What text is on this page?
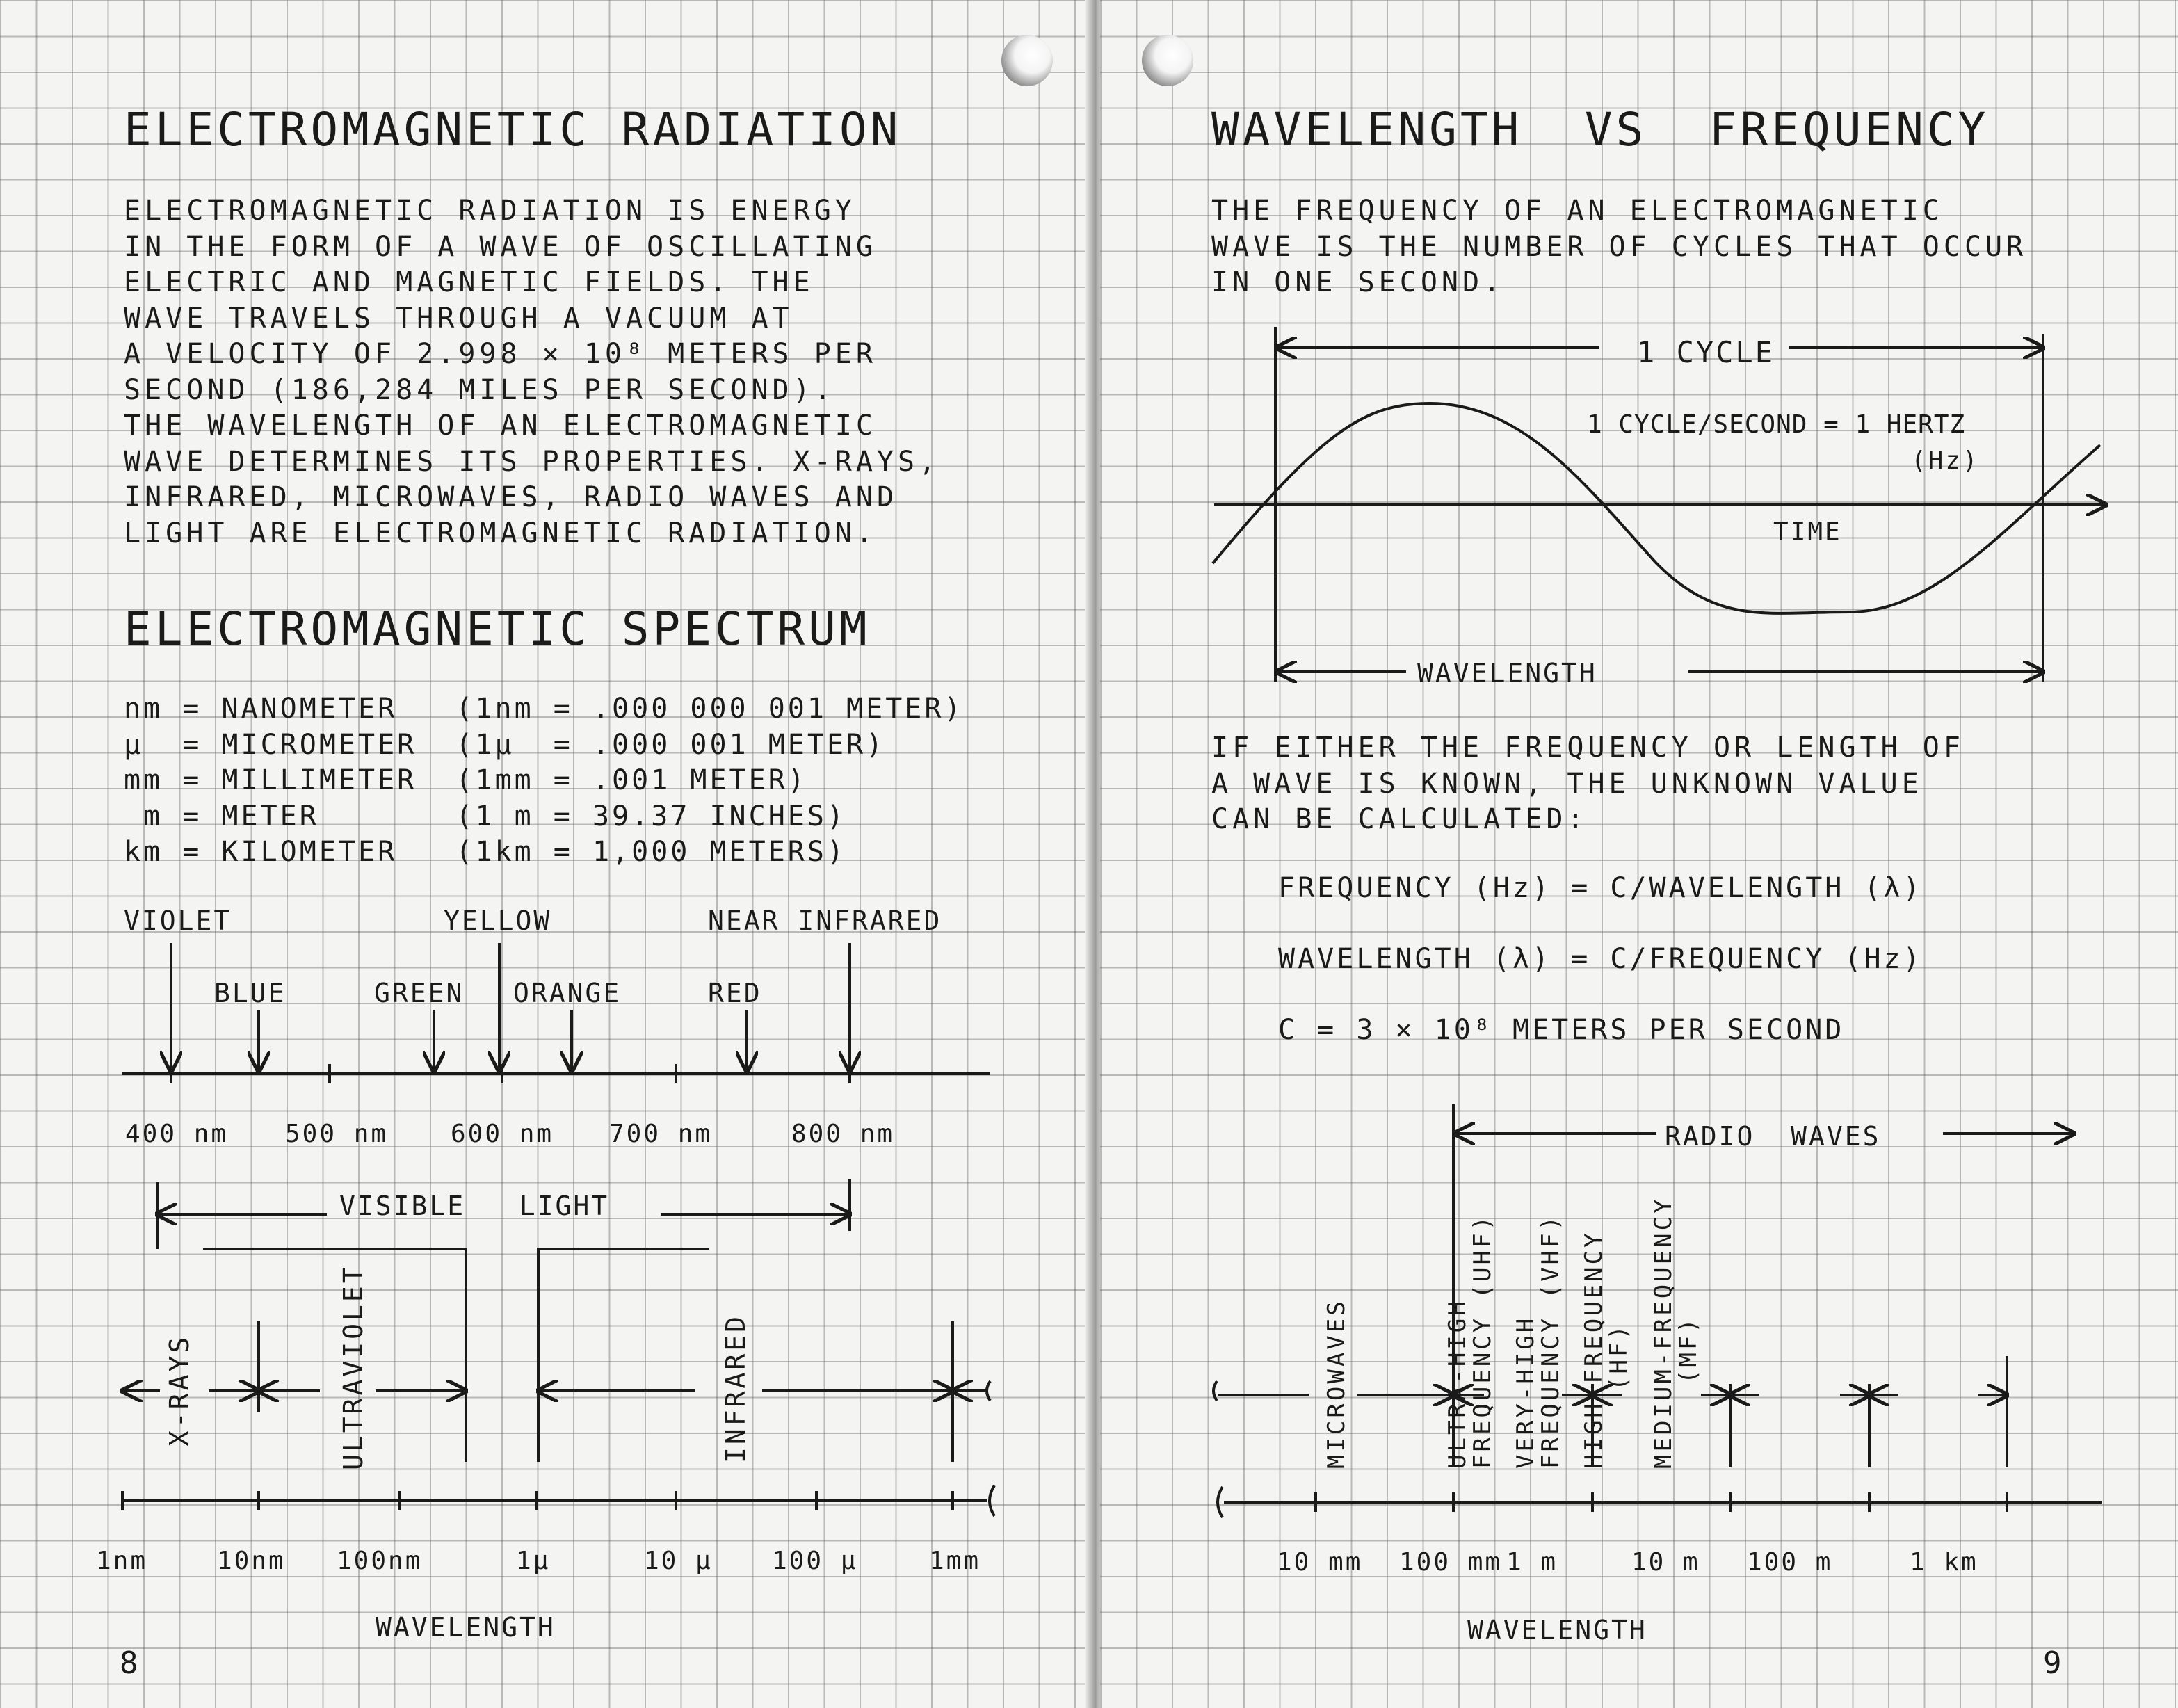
ELECTROMAGNETIC RADIATION
ELECTROMAGNETIC RADIATION IS ENERGY
IN THE FORM OF A WAVE OF OSCILLATING
ELECTRIC AND MAGNETIC FIELDS. THE
WAVE TRAVELS THROUGH A VACUUM AT
A VELOCITY OF 2.998 × 10⁸ METERS PER
SECOND (186,284 MILES PER SECOND).
THE WAVELENGTH OF AN ELECTROMAGNETIC
WAVE DETERMINES ITS PROPERTIES. X-RAYS,
INFRARED, MICROWAVES, RADIO WAVES AND
LIGHT ARE ELECTROMAGNETIC RADIATION.
ELECTROMAGNETIC SPECTRUM
nm = NANOMETER   (1nm = .000 000 001 METER)
μ  = MICROMETER  (1μ  = .000 001 METER)
mm = MILLIMETER  (1mm = .001 METER)
m = METER       (1 m = 39.37 INCHES)
km = KILOMETER   (1km = 1,000 METERS)
VIOLET	YELLOW	NEAR INFRARED
BLUE	GREEN ORANGE	RED
400 nm 500 nm 600 nm 700 nm	800 nm
VISIBLE   LIGHT
X-RAYS	ULTRAVIOLET	INFRARED
1nm	10nm 100nm	1μ	10 μ 100 μ	1mm
WAVELENGTH
8
WAVELENGTH  VS  FREQUENCY
THE FREQUENCY OF AN ELECTROMAGNETIC
WAVE IS THE NUMBER OF CYCLES THAT OCCUR
IN ONE SECOND.
1 CYCLE
1 CYCLE/SECOND = 1 HERTZ
(Hz)
TIME
WAVELENGTH
IF EITHER THE FREQUENCY OR LENGTH OF
A WAVE IS KNOWN, THE UNKNOWN VALUE
CAN BE CALCULATED:
FREQUENCY (Hz) = C/WAVELENGTH (λ)
WAVELENGTH (λ) = C/FREQUENCY (Hz)
C = 3 × 10⁸ METERS PER SECOND
RADIO  WAVES
MICROWAVES	ULTRA-HIGH
FREQUENCY (UHF) VERY-HIGH
FREQUENCY (VHF) HIGH-FREQUENCY
(HF) MEDIUM-FREQUENCY
(MF)
10 mm 100 mm 1 m	10 m 100 m	1 km
WAVELENGTH
9
